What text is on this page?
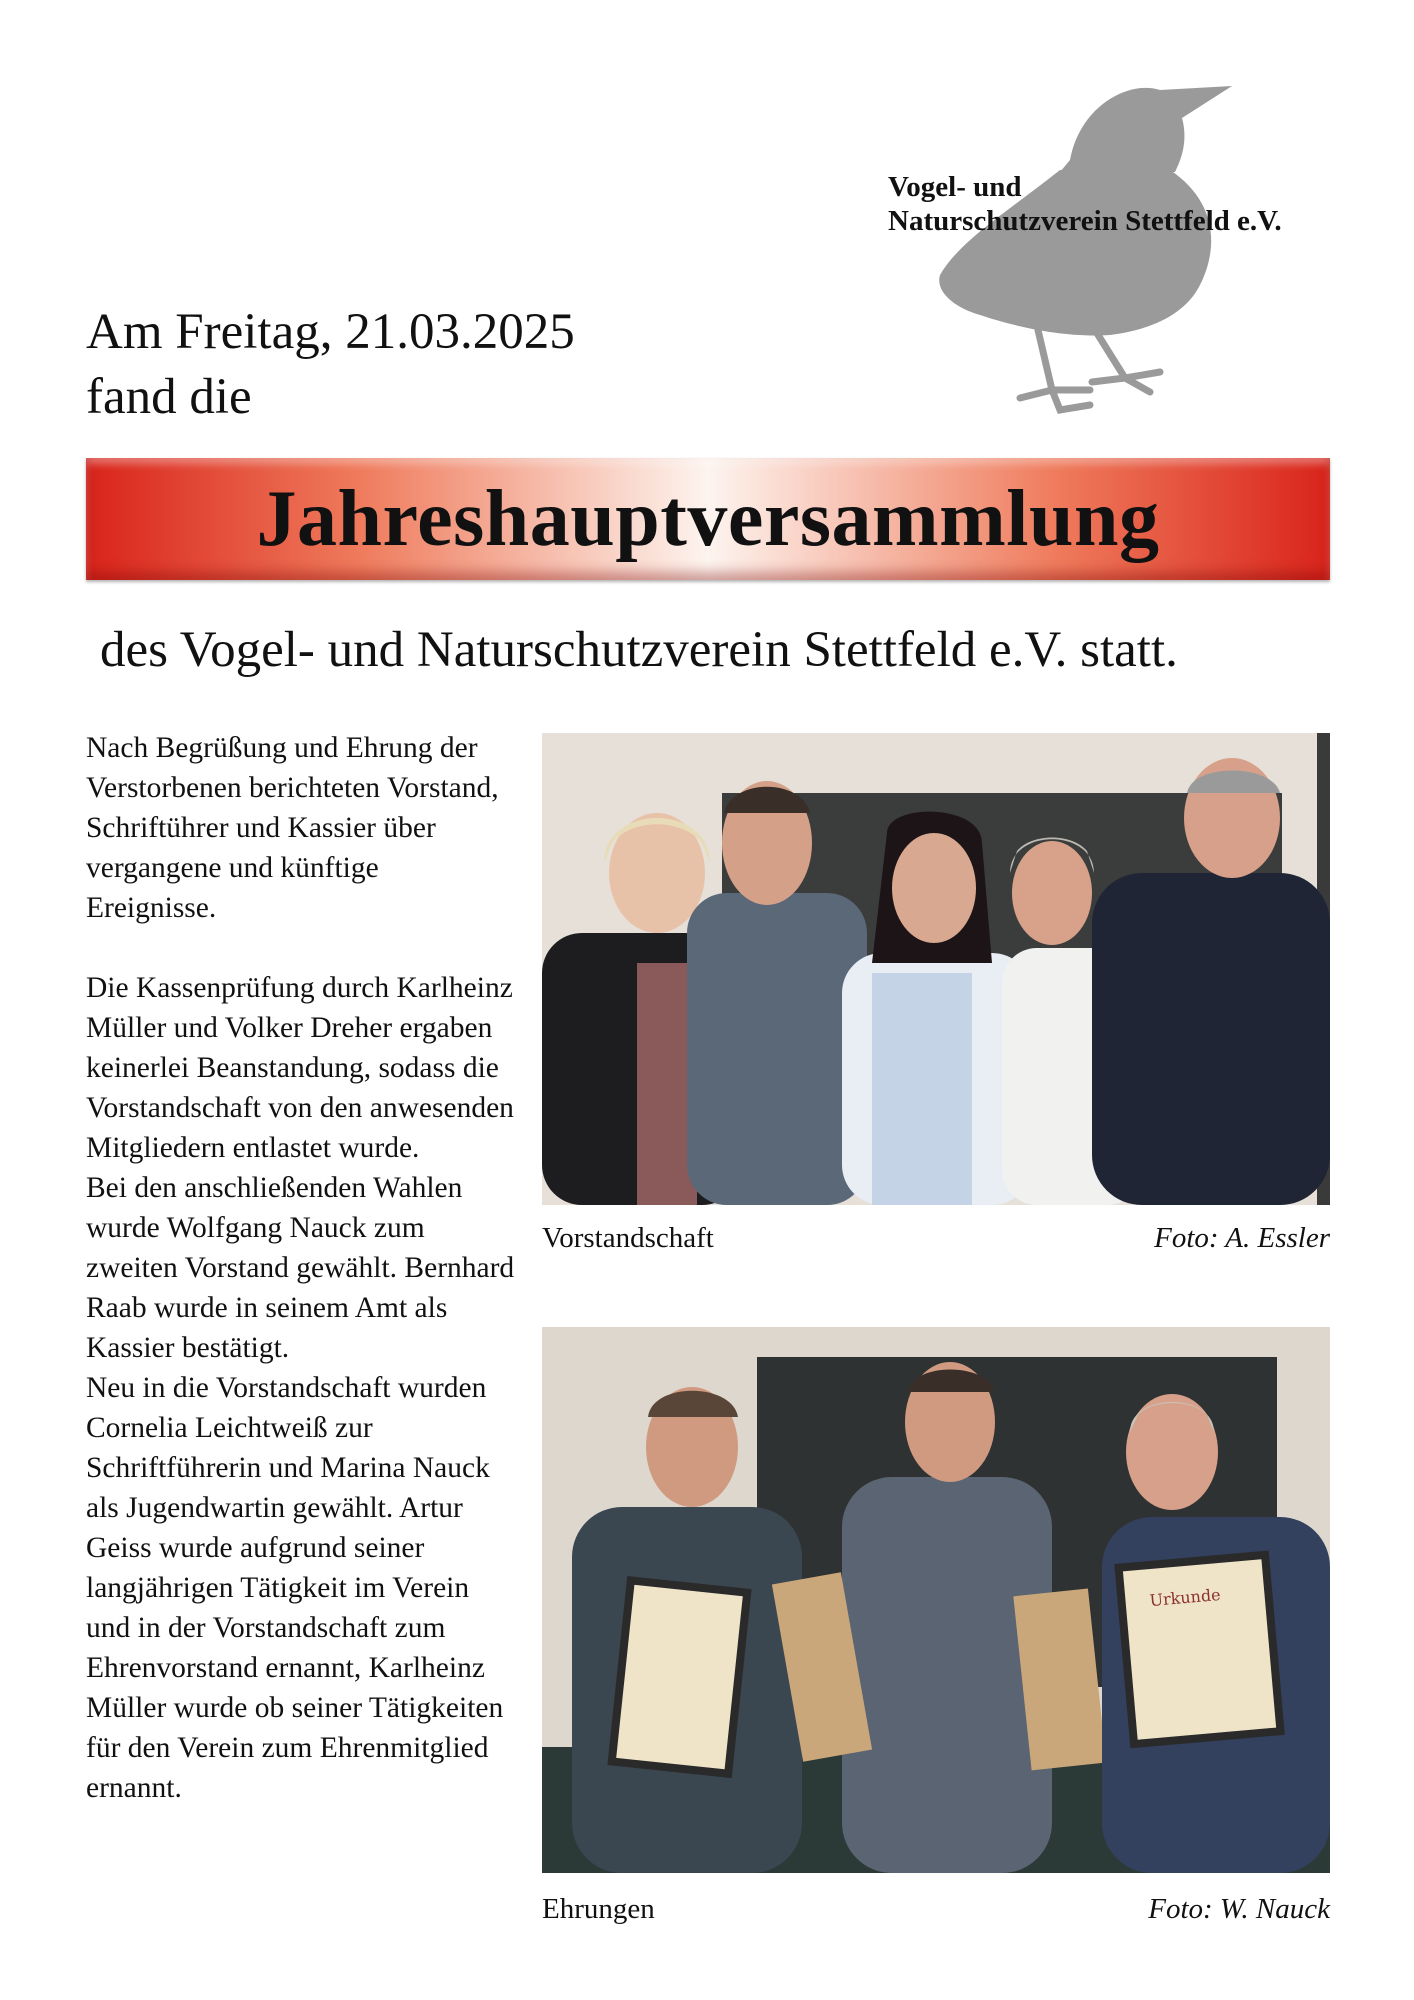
Vogel- und
Naturschutzverein Stettfeld e.V.
Am Freitag, 21.03.2025
fand die
Jahreshauptversammlung
des Vogel- und Naturschutzverein Stettfeld e.V. statt.

Nach Begrüßung und Ehrung der Verstorbenen berichteten Vorstand, Schriftührer und Kassier über vergangene und künftige Ereignisse.

Die Kassenprüfung durch Karlheinz Müller und Volker Dreher ergaben keinerlei Beanstandung, sodass die Vorstandschaft von den anwesenden Mitgliedern entlastet wurde.

Bei den anschließenden Wahlen wurde Wolfgang Nauck zum zweiten Vorstand gewählt. Bernhard Raab wurde in seinem Amt als Kassier bestätigt.

Neu in die Vorstandschaft wurden Cornelia Leichtweiß zur Schriftführerin und Marina Nauck als Jugendwartin gewählt. Artur Geiss wurde aufgrund seiner langjährigen Tätigkeit im Verein und in der Vorstandschaft zum Ehrenvorstand ernannt, Karlheinz Müller wurde ob seiner Tätigkeiten für den Verein zum Ehrenmitglied ernannt.

Vorstandschaft	Foto: A. Essler
Urkunde
Ehrungen	Foto: W. Nauck
